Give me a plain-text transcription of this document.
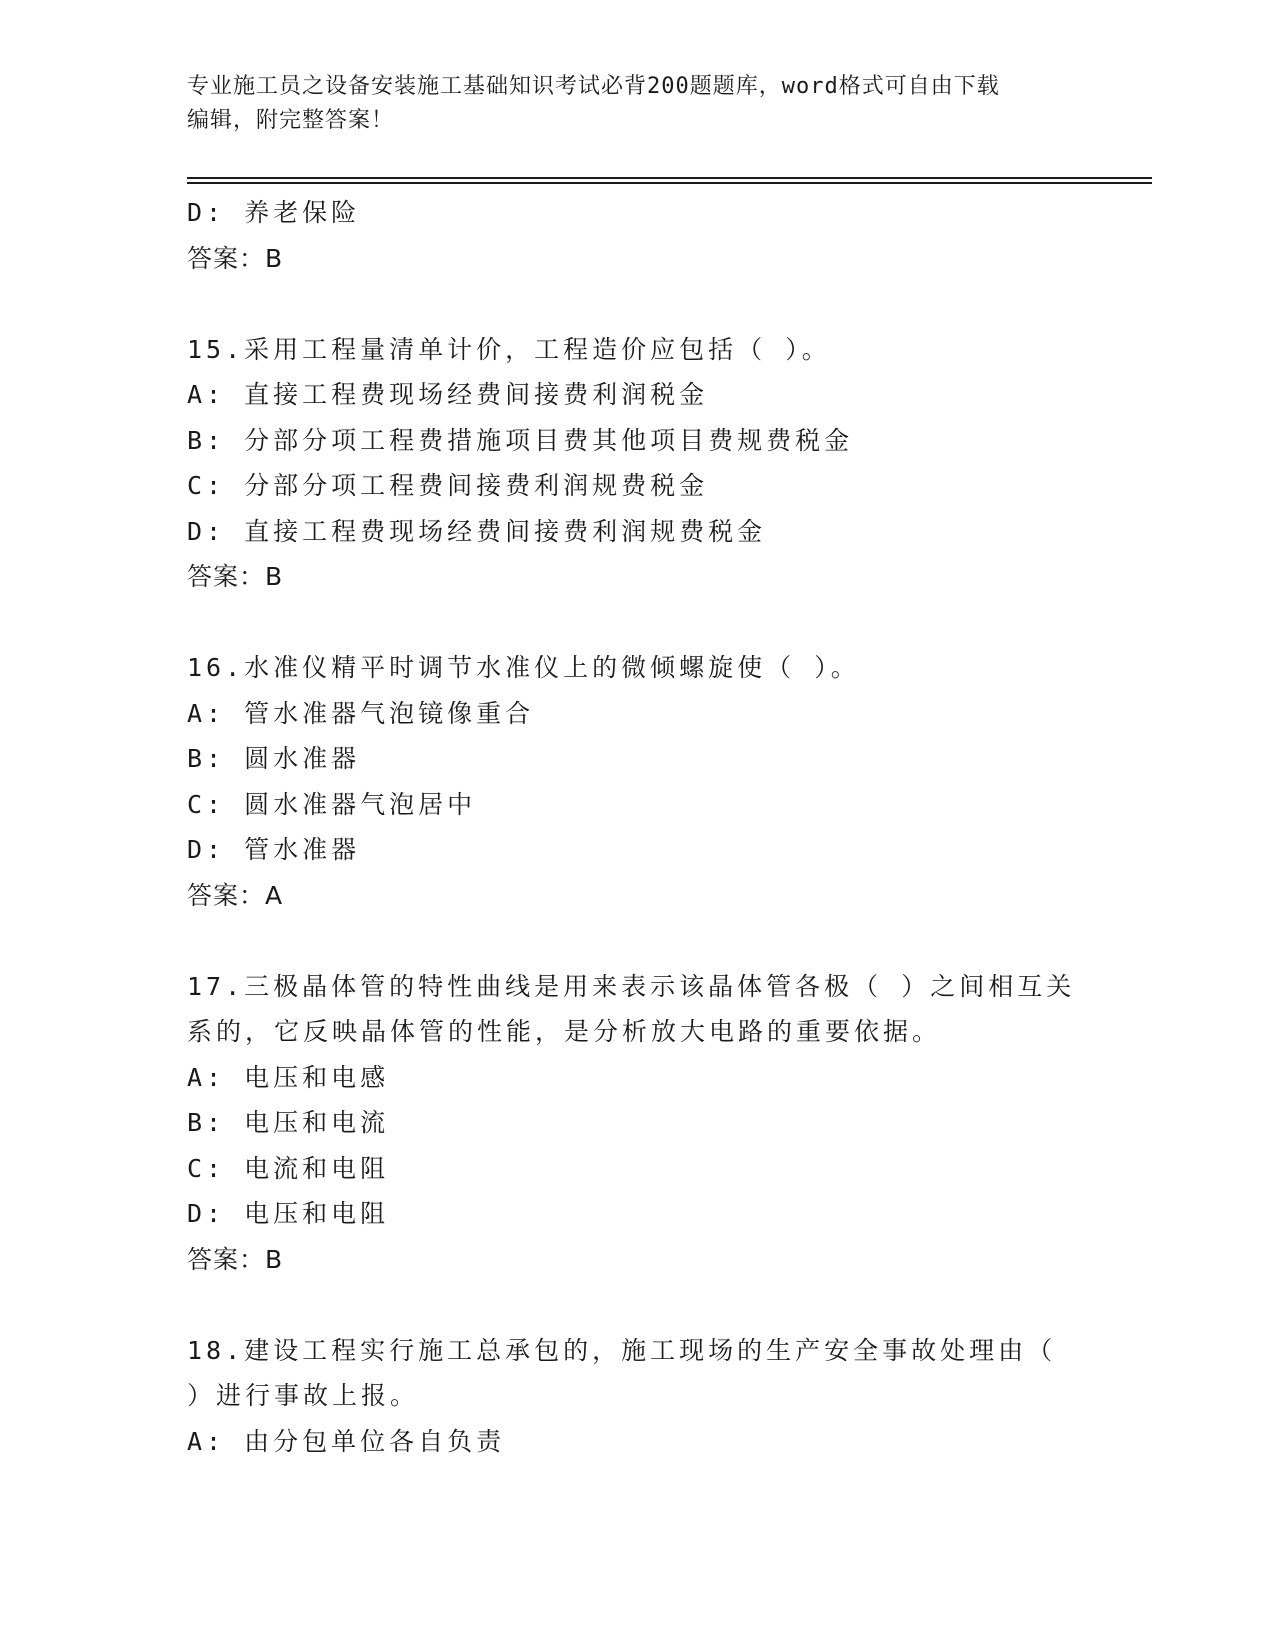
专业施工员之设备安装施工基础知识考试必背200题题库，word格式可自由下载
编辑，附完整答案！
D: 养老保险
答案：B
15.采用工程量清单计价，工程造价应包括（ ）。
A: 直接工程费现场经费间接费利润税金
B: 分部分项工程费措施项目费其他项目费规费税金
C: 分部分项工程费间接费利润规费税金
D: 直接工程费现场经费间接费利润规费税金
答案：B
16.水准仪精平时调节水准仪上的微倾螺旋使（ ）。
A: 管水准器气泡镜像重合
B: 圆水准器
C: 圆水准器气泡居中
D: 管水准器
答案：A
17.三极晶体管的特性曲线是用来表示该晶体管各极（ ）之间相互关
系的，它反映晶体管的性能，是分析放大电路的重要依据。
A: 电压和电感
B: 电压和电流
C: 电流和电阻
D: 电压和电阻
答案：B
18.建设工程实行施工总承包的，施工现场的生产安全事故处理由（
）进行事故上报。
A: 由分包单位各自负责
